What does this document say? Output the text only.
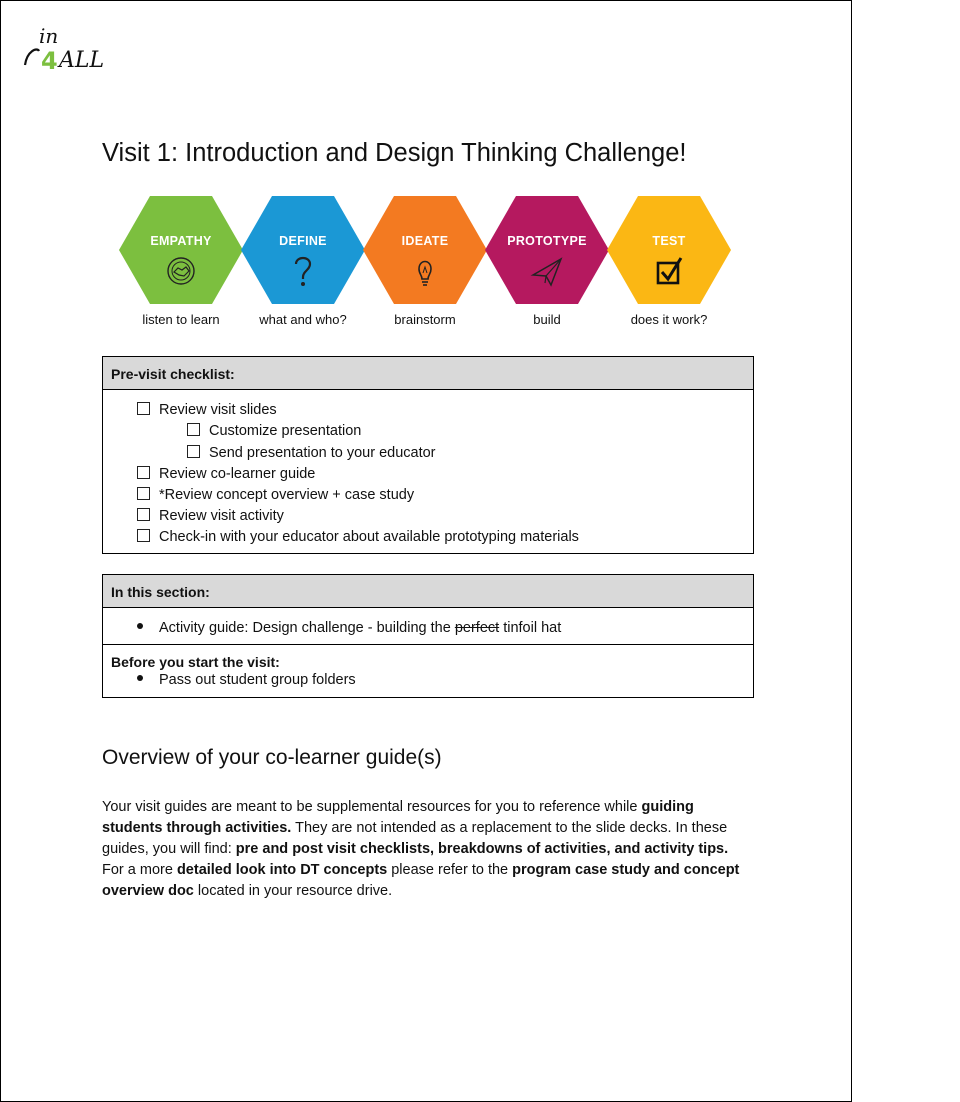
in
4 ALL
Visit 1: Introduction and Design Thinking Challenge!
EMPATHY
listen to learn
DEFINE
what and who?
IDEATE
brainstorm
PROTOTYPE
build
TEST
does it work?
Pre-visit checklist:
Review visit slides
Customize presentation
Send presentation to your educator
Review co-learner guide
*Review concept overview + case study
Review visit activity
Check-in with your educator about available prototyping materials
In this section:
Activity guide: Design challenge - building the perfect tinfoil hat
Before you start the visit:
Pass out student group folders
Overview of your co-learner guide(s)

Your visit guides are meant to be supplemental resources for you to reference while guiding students through activities. They are not intended as a replacement to the slide decks. In these guides, you will find: pre and post visit checklists, breakdowns of activities, and activity tips. For a more detailed look into DT concepts please refer to the program case study and concept overview doc located in your resource drive.
